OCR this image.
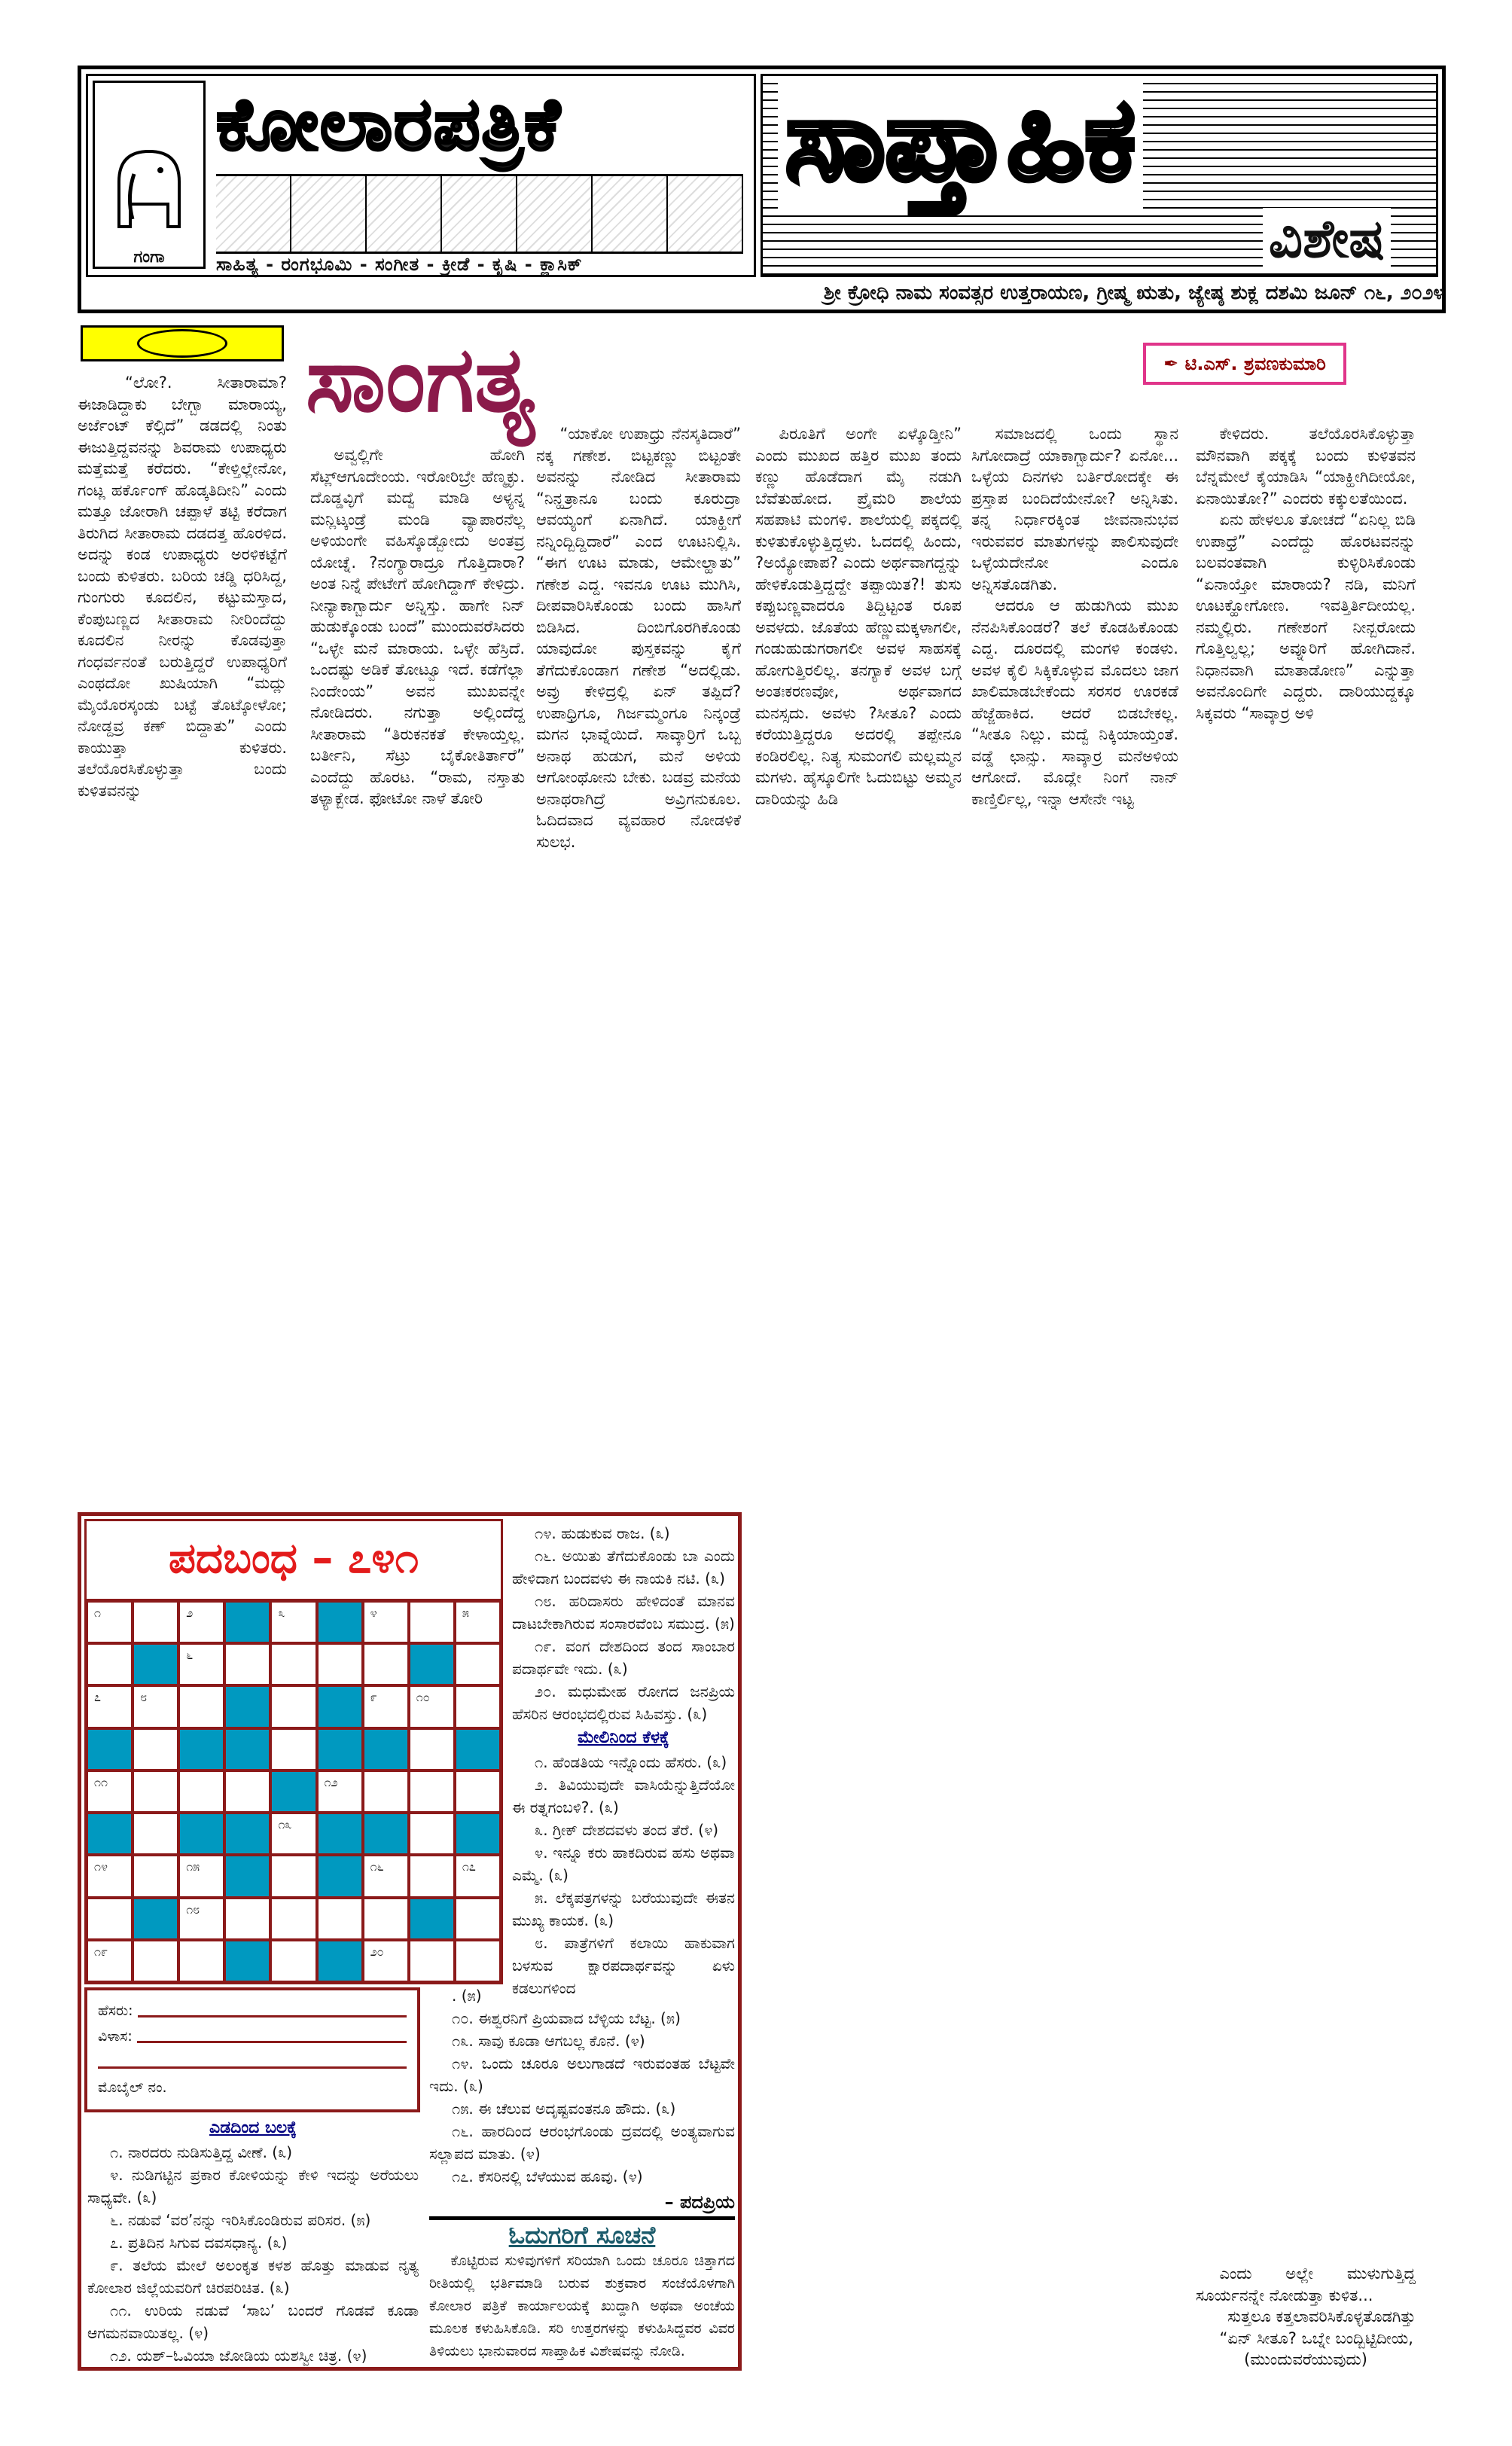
ಗಂಗಾ
ಕೋಲಾರಪತ್ರಿಕೆ
ಸಾಹಿತ್ಯ - ರಂಗಭೂಮಿ - ಸಂಗೀತ - ಕ್ರೀಡೆ - ಕೃಷಿ - ಕ್ಲಾಸಿಕ್
ಸಾಪ್ತಾಹಿಕ
ವಿಶೇಷ
ಶ್ರೀ ಕ್ರೋಧಿ ನಾಮ ಸಂವತ್ಸರ ಉತ್ತರಾಯಣ, ಗ್ರೀಷ್ಮ ಋತು, ಜ್ಯೇಷ್ಠ ಶುಕ್ಲ ದಶಮಿ ಜೂನ್ ೧೬, ೨೦೨೪
ಸಾಂಗತ್ಯ	✒ ಟಿ.ಎಸ್. ಶ್ರವಣಕುಮಾರಿ

“ಲೋ?. ಸೀತಾರಾಮಾ? ಈಜಾಡಿದ್ದಾಕು ಬೇಗ್ಬಾ ಮಾರಾಯ್ಯ, ಅರ್ಜೆಂಟ್ ಕೆಲ್ಸಿದೆ” ಡಡದಲ್ಲಿ ನಿಂತು ಈಜುತ್ತಿದ್ದವನನ್ನು ಶಿವರಾಮ ಉಪಾಧ್ಯರು ಮತ್ತೆಮತ್ತೆ ಕರೆದರು. “ಕೇಳ್ತಿಲ್ಲೇನೋ, ಗಂಟ್ಲ ಹರ್ಕೊಂಗ್ ಹೊಡ್ಕತಿದೀನಿ” ಎಂದು ಮತ್ತೂ ಜೋರಾಗಿ ಚಪ್ಪಾಳೆ ತಟ್ಟಿ ಕರೆದಾಗ ತಿರುಗಿದ ಸೀತಾರಾಮ ದಡದತ್ತ ಹೊರಳಿದ. ಅದನ್ನು ಕಂಡ ಉಪಾಧ್ಯರು ಅರಳಿಕಟ್ಟೆಗೆ ಬಂದು ಕುಳಿತರು. ಬರಿಯ ಚಡ್ಡಿ ಧರಿಸಿದ್ದ, ಗುಂಗುರು ಕೂದಲಿನ, ಕಟ್ಟುಮಸ್ತಾದ, ಕೆಂಪುಬಣ್ಣದ ಸೀತಾರಾಮ ನೀರಿಂದೆದ್ದು ಕೂದಲಿನ ನೀರನ್ನು ಕೊಡವುತ್ತಾ ಗಂಧರ್ವನಂತೆ ಬರುತ್ತಿದ್ದರೆ ಉಪಾಧ್ಯರಿಗೆ ಎಂಥದೋ ಖುಷಿಯಾಗಿ “ಮದ್ಲು ಮೈಯೊರಸ್ಕಂಡು ಬಟ್ಟೆ ತೊಟ್ಕೋಳೋ; ನೋಡ್ದವ್ರ ಕಣ್ ಬಿದ್ದಾತು” ಎಂದು ಕಾಯುತ್ತಾ ಕುಳಿತರು. ತಲೆಯೊರಸಿಕೊಳ್ಳುತ್ತಾ ಬಂದು ಕುಳಿತವನನ್ನು

ಅವ್ವಲ್ಲಿಗೇ ಹೋಗಿ ಸೆಟ್ಲ್ಆಗೂದೇಂಯ. ಇರೋರಿಬ್ರೇ ಹೆಣ್ಮಕ್ಳು. ದೊಡ್ಡವ್ಳಿಗೆ ಮದ್ವೆ ಮಾಡಿ ಅಳ್ಯನ್ನ ಮನ್ಲಿಟ್ಕಂಡ್ರೆ ಮಂಡಿ ವ್ಯಾಪಾರನೆಲ್ಲ ಅಳಿಯಂಗೇ ವಹಿಸ್ಕೊಡ್ಬೋದು ಅಂತವ್ರ ಯೋಚ್ನೆ. ?ನಂಗ್ಯಾರಾದ್ರೂ ಗೊತ್ತಿದಾರಾ? ಅಂತ ನಿನ್ನೆ ಪೇಟೇಗೆ ಹೋಗಿದ್ದಾಗ್ ಕೇಳಿದ್ರು. ನೀನ್ಯಾಕಾಗ್ಬಾರ್ದು ಅನ್ನಿಸ್ತು. ಹಾಗೇ ನಿನ್ ಹುಡುಕ್ಕೊಂಡು ಬಂದೆ” ಮುಂದುವರೆಸಿದರು “ಒಳ್ಳೇ ಮನೆ ಮಾರಾಯ. ಒಳ್ಳೇ ಹೆಸ್ರಿದೆ. ಒಂದಷ್ಟು ಅಡಿಕೆ ತೋಟ್ವೂ ಇದೆ. ಕಡೆಗೆಲ್ಲಾ ನಿಂದೇಂಯ” ಅವನ ಮುಖವನ್ನೇ ನೋಡಿದರು. ನಗುತ್ತಾ ಅಲ್ಲಿಂದೆದ್ದ ಸೀತಾರಾಮ “ತಿರುಕನಕತೆ ಕೇಳಾಯ್ತಲ್ಲ. ಬರ್ತೀನಿ, ಸೆಟ್ರು ಬೈಕೋತಿರ್ತಾರೆ” ಎಂದೆದ್ದು ಹೊರಟ. “ರಾಮ, ನಸ್ತಾತು ತಳ್ಯಾಕ್ಬೇಡ. ಫೋಟೋ ನಾಳೆ ತೋರಿ

“ಯಾಕೋ ಉಪಾಧ್ರು ನೆನಸ್ಕತಿದಾರೆ” ನಕ್ಕ ಗಣೇಶ. ಬಿಟ್ಟಕಣ್ಣು ಬಿಟ್ಟಂತೇ ಅವನನ್ನು ನೋಡಿದ ಸೀತಾರಾಮ “ನಿನ್ಹತ್ರಾನೂ ಬಂದು ಕೂರುದ್ರಾ ಆವಯ್ಯಂಗೆ ಏನಾಗಿದೆ. ಯಾಕ್ಹೀಗೆ ನನ್ನಿಂದ್ಬಿದ್ದಿದಾರೆ” ಎಂದ ಊಟನಿಲ್ಲಿಸಿ. “ಈಗ ಊಟ ಮಾಡು, ಆಮೇಲ್ಹಾತು” ಗಣೇಶ ಎದ್ದ. ಇವನೂ ಊಟ ಮುಗಿಸಿ, ದೀಪವಾರಿಸಿಕೊಂಡು ಬಂದು ಹಾಸಿಗೆ ಬಿಡಿಸಿದ. ದಿಂಬಿಗೊರಗಿಕೊಂಡು ಯಾವುದೋ ಪುಸ್ತಕವನ್ನು ಕೈಗೆ ತೆಗೆದುಕೊಂಡಾಗ ಗಣೇಶ “ಅದಲ್ಲಿಡು. ಅವ್ರು ಕೇಳಿದ್ರಲ್ಲಿ ಏನ್ ತಪ್ಪಿದೆ? ಉಪಾಧ್ರಿಗೂ, ಗಿರ್ಜಮ್ಮಂಗೂ ನಿನ್ಕಂಡ್ರೆ ಮಗನ ಭಾವ್ನೆಯಿದೆ. ಸಾವ್ಕಾರ್ರಿಗೆ ಒಬ್ಬ ಅನಾಥ ಹುಡುಗ, ಮನೆ ಅಳಿಯ ಆಗೋಂಥೋನು ಬೇಕು. ಬಡವ್ರ ಮನೆಯ ಅನಾಥರಾಗಿದ್ರೆ ಅವ್ರಿಗನುಕೂಲ. ಓದಿದವಾದ ವ್ಯವಹಾರ ನೋಡಳಿಕೆ ಸುಲಭ.

ಪಿರೂತಿಗೆ ಅಂಗೇ ಏಳ್ಕೊಡ್ತೀನಿ” ಎಂದು ಮುಖದ ಹತ್ತಿರ ಮುಖ ತಂದು ಕಣ್ಣು ಹೊಡೆದಾಗ ಮೈ ನಡುಗಿ ಬೆವೆತುಹೋದ. ಪ್ರೈಮರಿ ಶಾಲೆಯ ಸಹಪಾಟಿ ಮಂಗಳಿ. ಶಾಲೆಯಲ್ಲಿ ಪಕ್ಕದಲ್ಲಿ ಕುಳಿತುಕೊಳ್ಳುತ್ತಿದ್ದಳು. ಓದದಲ್ಲಿ ಹಿಂದು, ?ಅಯ್ಯೋಪಾಪ? ಎಂದು ಅರ್ಥವಾಗದ್ದನ್ನು ಹೇಳಿಕೊಡುತ್ತಿದ್ದದ್ದೇ ತಪ್ಪಾಯಿತ?! ತುಸು ಕಪ್ಪುಬಣ್ಣವಾದರೂ ತಿದ್ದಿಟ್ಟಂತ ರೂಪ ಅವಳದು. ಜೊತೆಯ ಹೆಣ್ಣುಮಕ್ಕಳಾಗಲೀ, ಗಂಡುಹುಡುಗರಾಗಲೀ ಅವಳ ಸಾಹಸಕ್ಕೆ ಹೋಗುತ್ತಿರಲಿಲ್ಲ. ತನಗ್ಯಾಕೆ ಅವಳ ಬಗ್ಗೆ ಅಂತಃಕರಣವೋ, ಅರ್ಥವಾಗದ ಮನಸ್ಸದು. ಅವಳು ?ಸೀತೂ? ಎಂದು ಕರೆಯುತ್ತಿದ್ದರೂ ಅದರಲ್ಲಿ ತಪ್ಪೇನೂ ಕಂಡಿರಲಿಲ್ಲ. ನಿತ್ಯ ಸುಮಂಗಲಿ ಮಲ್ಲಮ್ಮನ ಮಗಳು. ಹೈಸ್ಕೂಲಿಗೇ ಓದುಬಿಟ್ಟು ಅಮ್ಮನ ದಾರಿಯನ್ನು ಹಿಡಿ

ಸಮಾಜದಲ್ಲಿ ಒಂದು ಸ್ಥಾನ ಸಿಗೋದಾದ್ರೆ ಯಾಕಾಗ್ಬಾರ್ದು? ಏನೋ... ಒಳ್ಳೆಯ ದಿನಗಳು ಬರ್ತಿರೋದಕ್ಕೇ ಈ ಪ್ರಸ್ತಾಪ ಬಂದಿದೆಯೇನೋ? ಅನ್ನಿಸಿತು. ತನ್ನ ನಿರ್ಧಾರಕ್ಕಿಂತ ಜೀವನಾನುಭವ ಇರುವವರ ಮಾತುಗಳನ್ನು ಪಾಲಿಸುವುದೇ ಒಳ್ಳೆಯದೇನೋ ಎಂದೂ ಅನ್ನಿಸತೊಡಗಿತು.

ಆದರೂ ಆ ಹುಡುಗಿಯ ಮುಖ ನೆನಪಿಸಿಕೊಂಡರೆ? ತಲೆ ಕೊಡಹಿಕೊಂಡು ಎದ್ದ. ದೂರದಲ್ಲಿ ಮಂಗಳಿ ಕಂಡಳು. ಅವಳ ಕೈಲಿ ಸಿಕ್ಕಿಕೊಳ್ಳುವ ಮೊದಲು ಜಾಗ ಖಾಲಿಮಾಡಬೇಕೆಂದು ಸರಸರ ಊರಕಡೆ ಹೆಜ್ಜೆಹಾಕಿದ. ಆದರೆ ಬಿಡಬೇಕಲ್ಲ. “ಸೀತೂ ನಿಲ್ಲು. ಮದ್ವೆ ನಿಕ್ಕಿಯಾಯ್ತಂತೆ. ವಡ್ಡೆ ಛಾನ್ಸು. ಸಾವ್ಕಾರ್ರ ಮನೆಅಳಿಯ ಆಗೋದೆ. ಮೊದ್ಲೇ ನಿಂಗೆ ನಾನ್ ಕಾಣ್ತಿರ್ಲಿಲ್ಲ, ಇನ್ನಾ ಆಸೇನೇ ಇಟ್ಟ

ಕೇಳಿದರು. ತಲೆಯೊರಸಿಕೊಳ್ಳುತ್ತಾ ಮೌನವಾಗಿ ಪಕ್ಕಕ್ಕೆ ಬಂದು ಕುಳಿತವನ ಬೆನ್ನಮೇಲೆ ಕೈಯಾಡಿಸಿ “ಯಾಕ್ಹೀಗಿದೀಯೋ, ಏನಾಯಿತೋ?” ಎಂದರು ಕಕ್ಕುಲತೆಯಿಂದ.

ಏನು ಹೇಳಲೂ ತೋಚದೆ “ಏನಿಲ್ಲ ಬಿಡಿ ಉಪಾಧ್ರೆ” ಎಂದೆದ್ದು ಹೊರಟವನನ್ನು ಬಲವಂತವಾಗಿ ಕುಳ್ಳಿರಿಸಿಕೊಂಡು “ಏನಾಯ್ತೋ ಮಾರಾಯ? ನಡಿ, ಮನಿಗೆ ಊಟಕ್ಹೋಗೋಣ. ಇವತ್ತಿರ್ತಿದೀಯಲ್ಲ. ನಮ್ಮಲ್ಲಿರು. ಗಣೇಶಂಗೆ ನೀನ್ಬರೋದು ಗೊತ್ತಿಲ್ವಲ್ಲ; ಅವ್ನೂರಿಗೆ ಹೋಗಿದಾನೆ. ನಿಧಾನವಾಗಿ ಮಾತಾಡೋಣ” ಎನ್ನುತ್ತಾ ಅವನೊಂದಿಗೇ ಎದ್ದರು. ದಾರಿಯುದ್ದಕ್ಕೂ ಸಿಕ್ಕವರು “ಸಾವ್ಕಾರ್ರ ಅಳಿ

ಎಂದು ಅಲ್ಲೇ ಮುಳುಗುತ್ತಿದ್ದ ಸೂರ್ಯನನ್ನೇ ನೋಡುತ್ತಾ ಕುಳಿತ...

ಸುತ್ತಲೂ ಕತ್ತಲಾವರಿಸಿಕೊಳ್ಳತೊಡಗಿತ್ತು

“ಏನ್ ಸೀತೂ? ಒಬ್ನೇ ಬಂದ್ಬಿಟ್ಟಿದೀಯ,

(ಮುಂದುವರೆಯುವುದು)
ಪದಬಂಧ – ೭೪೧
೧	೨	೩	೪	೫
೬
೭	೮	೯	೧೦
೧೧	೧೨
೧೩
೧೪	೧೫	೧೬	೧೭
೧೮
೧೯	೨೦

೧೪. ಹುಡುಕುವ ರಾಜ. (೩)

೧೬. ಅಯಿತು ತೆಗೆದುಕೊಂಡು ಬಾ ಎಂದು ಹೇಳಿದಾಗ ಬಂದವಳು ಈ ನಾಯಕಿ ನಟಿ. (೩)

೧೮. ಹರಿದಾಸರು ಹೇಳಿದಂತೆ ಮಾನವ ದಾಟಬೇಕಾಗಿರುವ ಸಂಸಾರವೆಂಬ ಸಮುದ್ರ. (೫)

೧೯. ವಂಗ ದೇಶದಿಂದ ತಂದ ಸಾಂಬಾರ ಪದಾರ್ಥವೇ ಇದು. (೩)

೨೦. ಮಧುಮೇಹ ರೋಗದ ಜನಪ್ರಿಯ ಹೆಸರಿನ ಆರಂಭದಲ್ಲಿರುವ ಸಿಹಿವಸ್ತು. (೩)

ಮೇಲಿನಿಂದ ಕೆಳಕ್ಕೆ

೧. ಹೆಂಡತಿಯ ಇನ್ನೊಂದು ಹೆಸರು. (೩)

೨. ತಿವಿಯುವುದೇ ವಾಸಿಯೆನ್ನುತ್ತಿದೆಯೋ ಈ ರತ್ನಗಂಬಳಿ?. (೩)

೩. ಗ್ರೀಕ್ ದೇಶದವಳು ತಂದ ತೆರೆ. (೪)

೪. ಇನ್ನೂ ಕರು ಹಾಕದಿರುವ ಹಸು ಅಥವಾ ಎಮ್ಮೆ. (೩)

೫. ಲೆಕ್ಕಪತ್ರಗಳನ್ನು ಬರೆಯುವುದೇ ಈತನ ಮುಖ್ಯ ಕಾಯಕ. (೩)

೮. ಪಾತ್ರೆಗಳಿಗೆ ಕಲಾಯಿ ಹಾಕುವಾಗ ಬಳಸುವ ಕ್ಷಾರಪದಾರ್ಥವನ್ನು ಏಳು ಕಡಲುಗಳಿಂದ

ಹೆಸರು:
ವಿಳಾಸ:
ಮೊಬೈಲ್ ನಂ.
ಎಡದಿಂದ ಬಲಕ್ಕೆ

೧. ನಾರದರು ನುಡಿಸುತ್ತಿದ್ದ ವೀಣೆ. (೩)

೪. ನುಡಿಗಟ್ಟಿನ ಪ್ರಕಾರ ಕೋಳಿಯನ್ನು ಕೇಳಿ ಇದನ್ನು ಅರೆಯಲು ಸಾಧ್ಯವೇ. (೩)

೬. ನಡುವೆ ‘ವರ’ನನ್ನು ಇರಿಸಿಕೊಂಡಿರುವ ಪರಿಸರ. (೫)

೭. ಪ್ರತಿದಿನ ಸಿಗುವ ದವಸಧಾನ್ಯ. (೩)

೯. ತಲೆಯ ಮೇಲೆ ಅಲಂಕೃತ ಕಳಶ ಹೊತ್ತು ಮಾಡುವ ನೃತ್ಯ ಕೋಲಾರ ಜಿಲ್ಲೆಯವರಿಗೆ ಚಿರಪರಿಚಿತ. (೩)

೧೧. ಉರಿಯ ನಡುವೆ ‘ಸಾಬ’ ಬಂದರೆ ಗೊಡವೆ ಕೂಡಾ ಆಗಮನವಾಯಿತಲ್ಲ. (೪)

೧೨. ಯಶ್–ಓವಿಯಾ ಜೋಡಿಯ ಯಶಸ್ವೀ ಚಿತ್ರ. (೪)

. (೫)

೧೦. ಈಶ್ವರನಿಗೆ ಪ್ರಿಯವಾದ ಬೆಳ್ಳಿಯ ಬೆಟ್ಟ. (೫)

೧೩. ಸಾವು ಕೂಡಾ ಆಗಬಲ್ಲ ಕೊನೆ. (೪)

೧೪. ಒಂದು ಚೂರೂ ಅಲುಗಾಡದೆ ಇರುವಂತಹ ಬೆಟ್ಟವೇ ಇದು. (೩)

೧೫. ಈ ಚೆಲುವ ಅದೃಷ್ಟವಂತನೂ ಹೌದು. (೩)

೧೬. ಹಾರದಿಂದ ಆರಂಭಗೊಂಡು ದ್ರವದಲ್ಲಿ ಅಂತ್ಯವಾಗುವ ಸಲ್ಲಾಪದ ಮಾತು. (೪)

೧೭. ಕೆಸರಿನಲ್ಲಿ ಬೆಳೆಯುವ ಹೂವು. (೪)

– ಪದಪ್ರಿಯ
ಓದುಗರಿಗೆ ಸೂಚನೆ

ಕೊಟ್ಟಿರುವ ಸುಳಿವುಗಳಿಗೆ ಸರಿಯಾಗಿ ಒಂದು ಚೂರೂ ಚಿತ್ತಾಗದ ರೀತಿಯಲ್ಲಿ ಭರ್ತಿಮಾಡಿ ಬರುವ ಶುಕ್ರವಾರ ಸಂಜೆಯೊಳಗಾಗಿ ಕೋಲಾರ ಪತ್ರಿಕೆ ಕಾರ್ಯಾಲಯಕ್ಕೆ ಖುದ್ದಾಗಿ ಅಥವಾ ಅಂಚೆಯ ಮೂಲಕ ಕಳುಹಿಸಿಕೊಡಿ. ಸರಿ ಉತ್ತರಗಳನ್ನು ಕಳುಹಿಸಿದ್ದವರ ವಿವರ ತಿಳಿಯಲು ಭಾನುವಾರದ ಸಾಪ್ತಾಹಿಕ ವಿಶೇಷವನ್ನು ನೋಡಿ.
